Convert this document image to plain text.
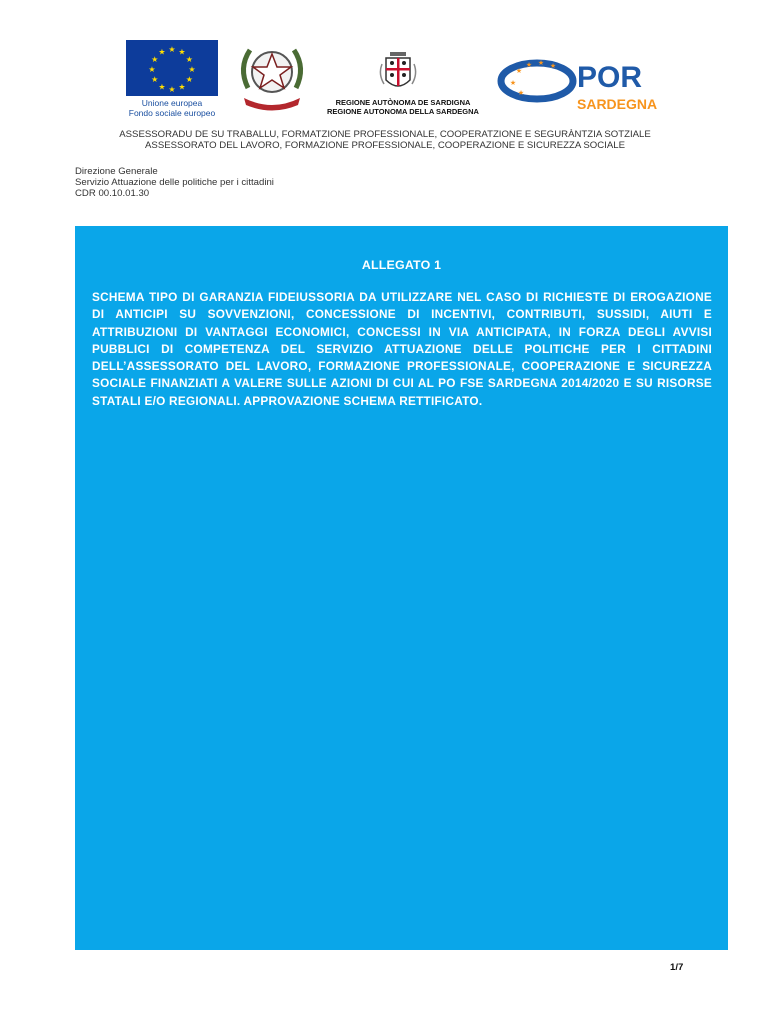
★ ★
★
★
★
★
★
★
★
★
★
★
Unione europea
Fondo sociale europeo
REGIONE AUTÒNOMA DE SARDIGNA
REGIONE AUTONOMA DELLA SARDEGNA
★
★ ★ ★
★
★ POR
SARDEGNA
ASSESSORADU DE SU TRABALLU, FORMATZIONE PROFESSIONALE, COOPERATZIONE E SEGURÀNTZIA SOTZIALE
ASSESSORATO DEL LAVORO, FORMAZIONE PROFESSIONALE, COOPERAZIONE E SICUREZZA SOCIALE
Direzione Generale
Servizio Attuazione delle politiche per i cittadini
CDR 00.10.01.30
ALLEGATO 1
SCHEMA TIPO DI GARANZIA FIDEIUSSORIA DA UTILIZZARE NEL CASO DI RICHIESTE DI EROGAZIONE DI ANTICIPI SU SOVVENZIONI, CONCESSIONE DI INCENTIVI, CONTRIBUTI, SUSSIDI, AIUTI E ATTRIBUZIONI DI VANTAGGI ECONOMICI, CONCESSI IN VIA ANTICIPATA, IN FORZA DEGLI AVVISI PUBBLICI DI COMPETENZA DEL SERVIZIO ATTUAZIONE DELLE POLITICHE PER I CITTADINI DELL’ASSESSORATO DEL LAVORO, FORMAZIONE PROFESSIONALE, COOPERAZIONE E SICUREZZA SOCIALE FINANZIATI A VALERE SULLE AZIONI DI CUI AL PO FSE SARDEGNA 2014/2020 E SU RISORSE STATALI E/O REGIONALI. APPROVAZIONE SCHEMA RETTIFICATO.
1/7
